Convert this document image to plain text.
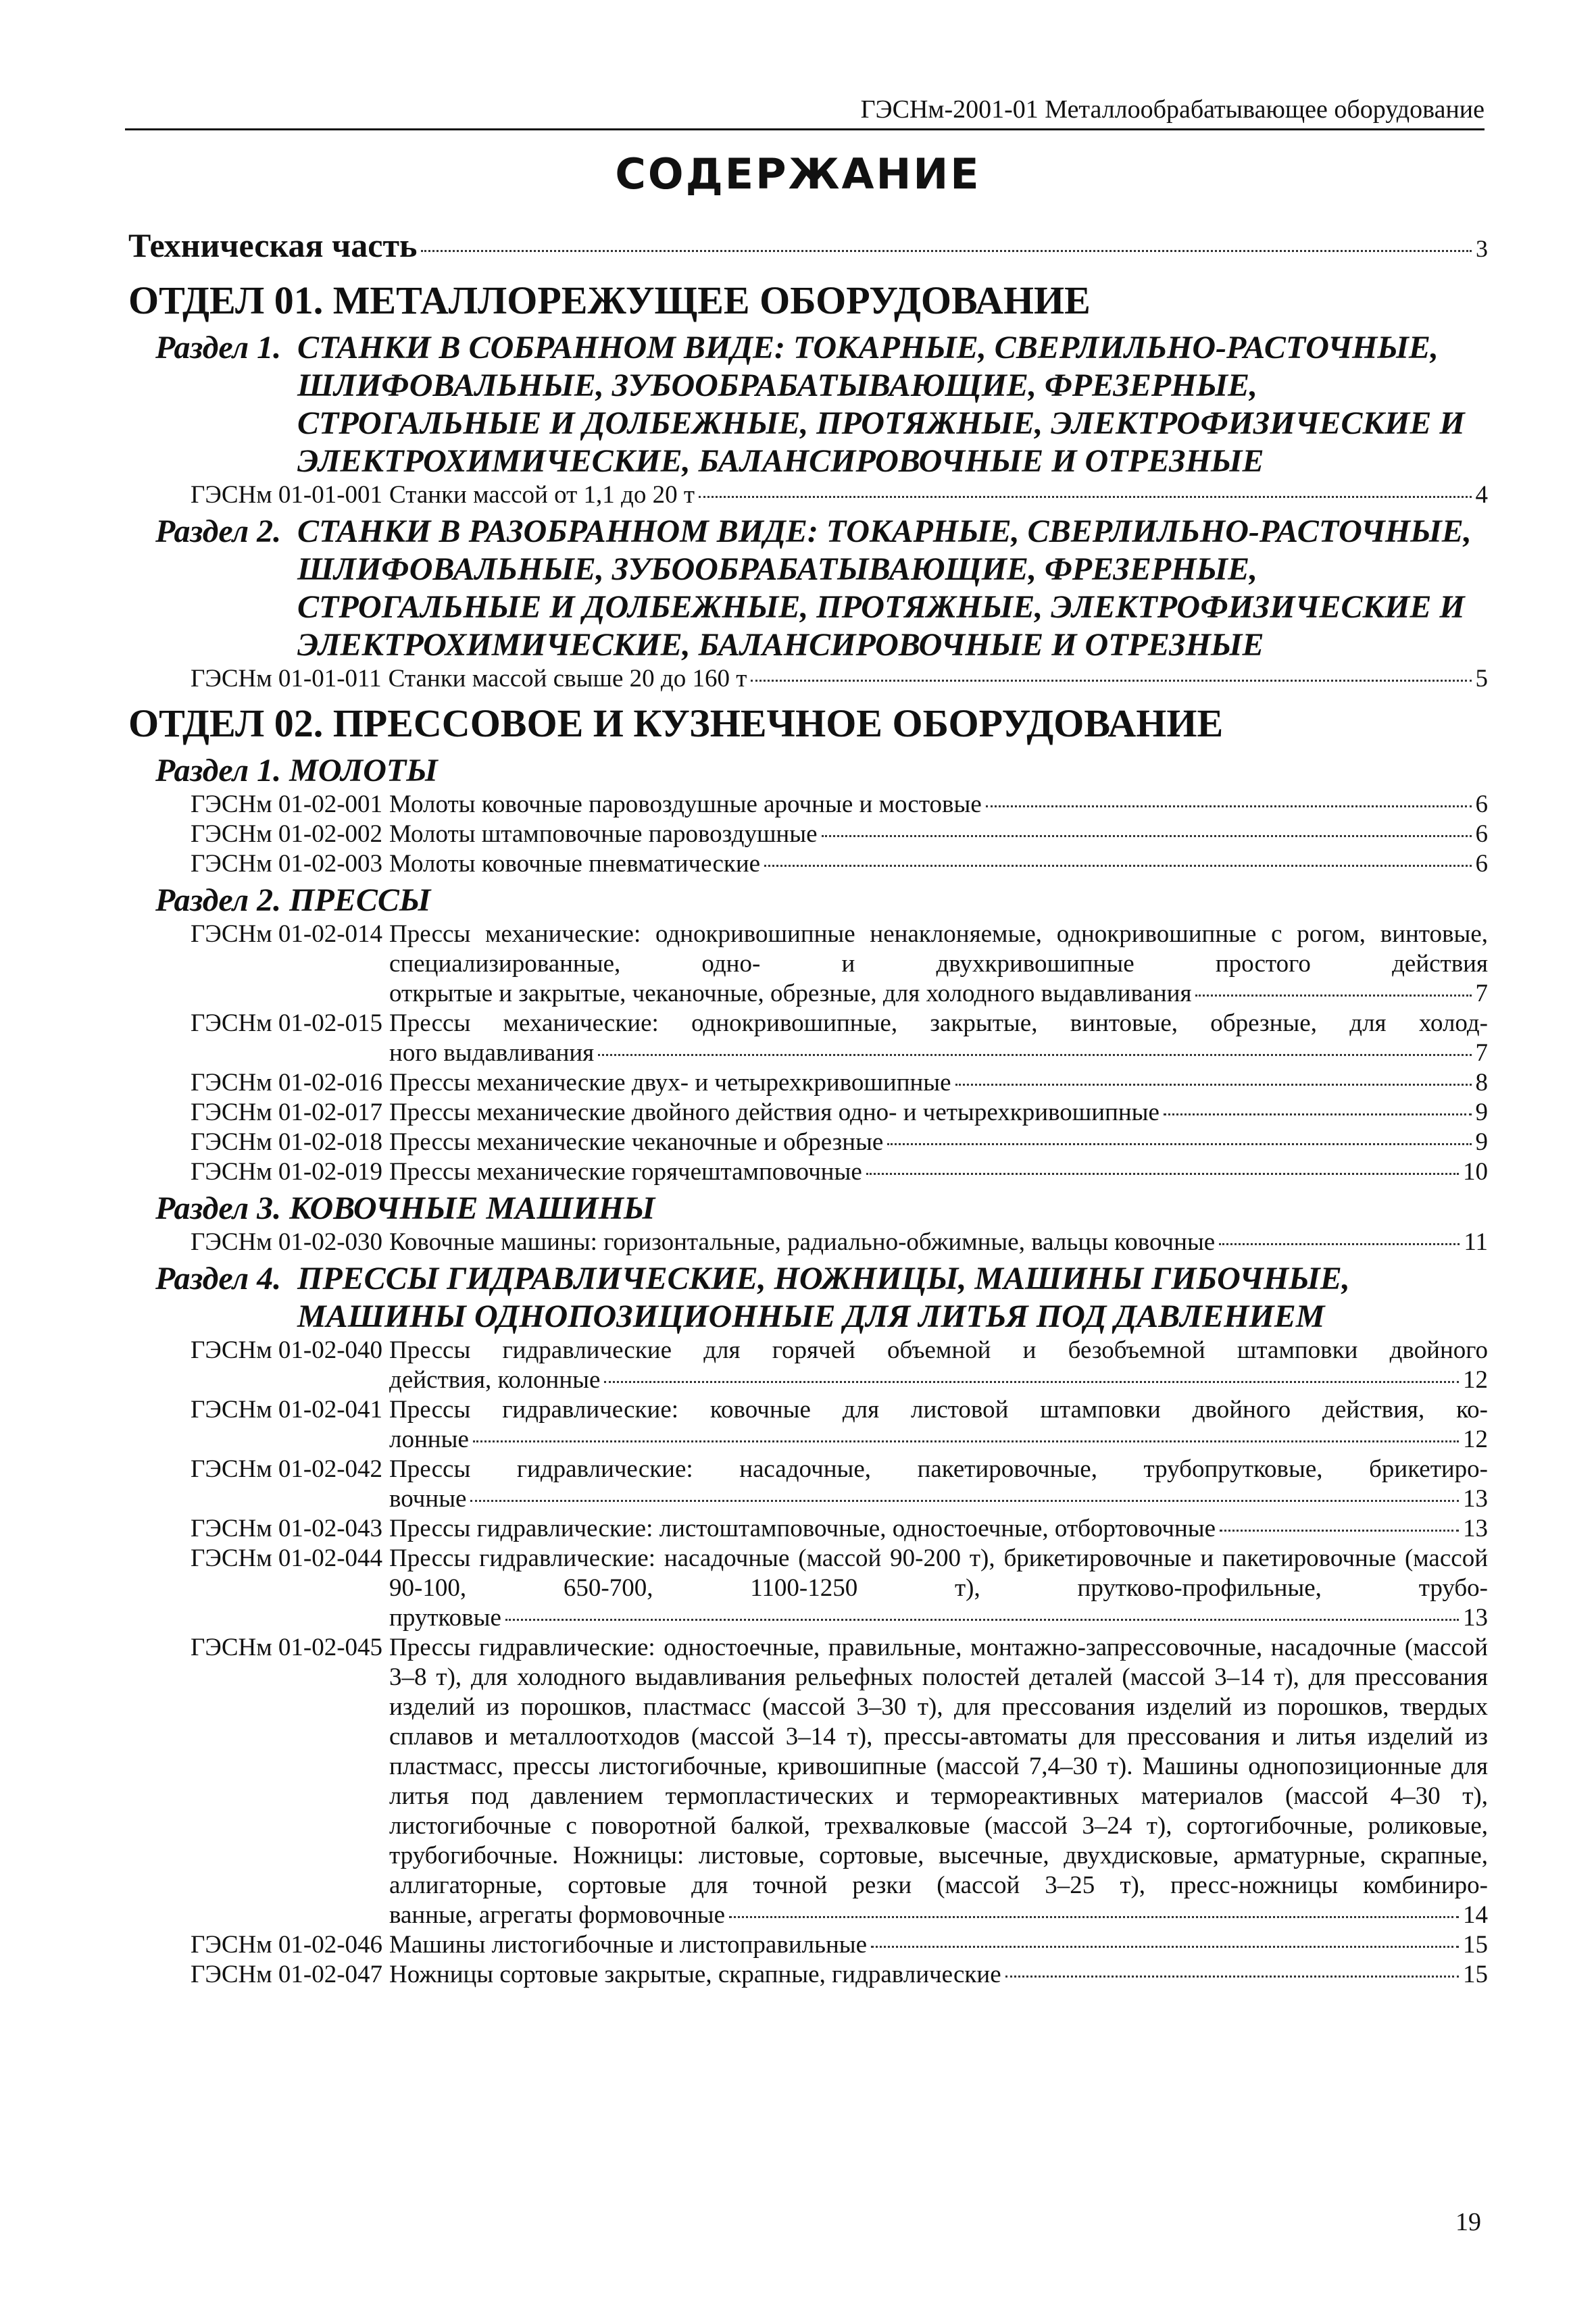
ГЭСНм-2001-01 Металлообрабатывающее оборудование
СОДЕРЖАНИЕ
Техническая часть	3
ОТДЕЛ 01. МЕТАЛЛОРЕЖУЩЕЕ ОБОРУДОВАНИЕ
Раздел 1. СТАНКИ В СОБРАННОМ ВИДЕ: ТОКАРНЫЕ, СВЕРЛИЛЬНО-РАСТОЧНЫЕ, ШЛИФОВАЛЬНЫЕ, ЗУБООБРАБАТЫВАЮЩИЕ, ФРЕЗЕРНЫЕ, СТРОГАЛЬНЫЕ И ДОЛБЕЖНЫЕ, ПРОТЯЖНЫЕ, ЭЛЕКТРОФИЗИЧЕСКИЕ И ЭЛЕКТРОХИМИЧЕСКИЕ, БАЛАНСИРОВОЧНЫЕ И ОТРЕЗНЫЕ
ГЭСНм 01-01-001 Станки массой от 1,1 до 20 т	4
Раздел 2. СТАНКИ В РАЗОБРАННОМ ВИДЕ: ТОКАРНЫЕ, СВЕРЛИЛЬНО-РАСТОЧНЫЕ, ШЛИФОВАЛЬНЫЕ, ЗУБООБРАБАТЫВАЮЩИЕ, ФРЕЗЕРНЫЕ, СТРОГАЛЬНЫЕ И ДОЛБЕЖНЫЕ, ПРОТЯЖНЫЕ, ЭЛЕКТРОФИЗИЧЕСКИЕ И ЭЛЕКТРОХИМИЧЕСКИЕ, БАЛАНСИРОВОЧНЫЕ И ОТРЕЗНЫЕ
ГЭСНм 01-01-011 Станки массой свыше 20 до 160 т	5
ОТДЕЛ 02. ПРЕССОВОЕ И КУЗНЕЧНОЕ ОБОРУДОВАНИЕ
Раздел 1. МОЛОТЫ
ГЭСНм 01-02-001 Молоты ковочные паровоздушные арочные и мостовые	6
ГЭСНм 01-02-002 Молоты штамповочные паровоздушные	6
ГЭСНм 01-02-003 Молоты ковочные пневматические	6
Раздел 2. ПРЕССЫ
ГЭСНм 01-02-014 Прессы механические: однокривошипные ненаклоняемые, однокривошипные с рогом, винтовые, специализированные, одно- и двухкривошипные простого действия
открытые и закрытые, чеканочные, обрезные, для холодного выдавливания	7
ГЭСНм 01-02-015 Прессы механические: однокривошипные, закрытые, винтовые, обрезные, для холод-
ного выдавливания	7
ГЭСНм 01-02-016 Прессы механические двух- и четырехкривошипные	8
ГЭСНм 01-02-017 Прессы механические двойного действия одно- и четырехкривошипные	9
ГЭСНм 01-02-018 Прессы механические чеканочные и обрезные	9
ГЭСНм 01-02-019 Прессы механические горячештамповочные	10
Раздел 3. КОВОЧНЫЕ МАШИНЫ
ГЭСНм 01-02-030 Ковочные машины: горизонтальные, радиально-обжимные, вальцы ковочные	11
Раздел 4. ПРЕССЫ ГИДРАВЛИЧЕСКИЕ, НОЖНИЦЫ, МАШИНЫ ГИБОЧНЫЕ, МАШИНЫ ОДНОПОЗИЦИОННЫЕ ДЛЯ ЛИТЬЯ ПОД ДАВЛЕНИЕМ
ГЭСНм 01-02-040 Прессы гидравлические для горячей объемной и безобъемной штамповки двойного
действия, колонные	12
ГЭСНм 01-02-041 Прессы гидравлические: ковочные для листовой штамповки двойного действия, ко-
лонные	12
ГЭСНм 01-02-042 Прессы гидравлические: насадочные, пакетировочные, трубопрутковые, брикетиро-
вочные	13
ГЭСНм 01-02-043 Прессы гидравлические: листоштамповочные, одностоечные, отбортовочные	13
ГЭСНм 01-02-044 Прессы гидравлические: насадочные (массой 90-200 т), брикетировочные и пакетировочные (массой 90-100, 650-700, 1100-1250 т), прутково-профильные, трубо-
прутковые	13
ГЭСНм 01-02-045 Прессы гидравлические: одностоечные, правильные, монтажно-запрессовочные, насадочные (массой 3–8 т), для холодного выдавливания рельефных полостей деталей (массой 3–14 т), для прессования изделий из порошков, пластмасс (массой 3–30 т), для прессования изделий из порошков, твердых сплавов и металлоотходов (массой 3–14 т), прессы-автоматы для прессования и литья изделий из пластмасс, прессы листогибочные, кривошипные (массой 7,4–30 т). Машины однопозиционные для литья под давлением термопластических и термореактивных материалов (массой 4–30 т), листогибочные с поворотной балкой, трехвалковые (массой 3–24 т), сортогибочные, роликовые, трубогибочные. Ножницы: листовые, сортовые, высечные, двухдисковые, арматурные, скрапные, аллигаторные, сортовые для точной резки (массой 3–25 т), пресс-ножницы комбиниро-
ванные, агрегаты формовочные	14
ГЭСНм 01-02-046 Машины листогибочные и листоправильные	15
ГЭСНм 01-02-047 Ножницы сортовые закрытые, скрапные, гидравлические	15
19
